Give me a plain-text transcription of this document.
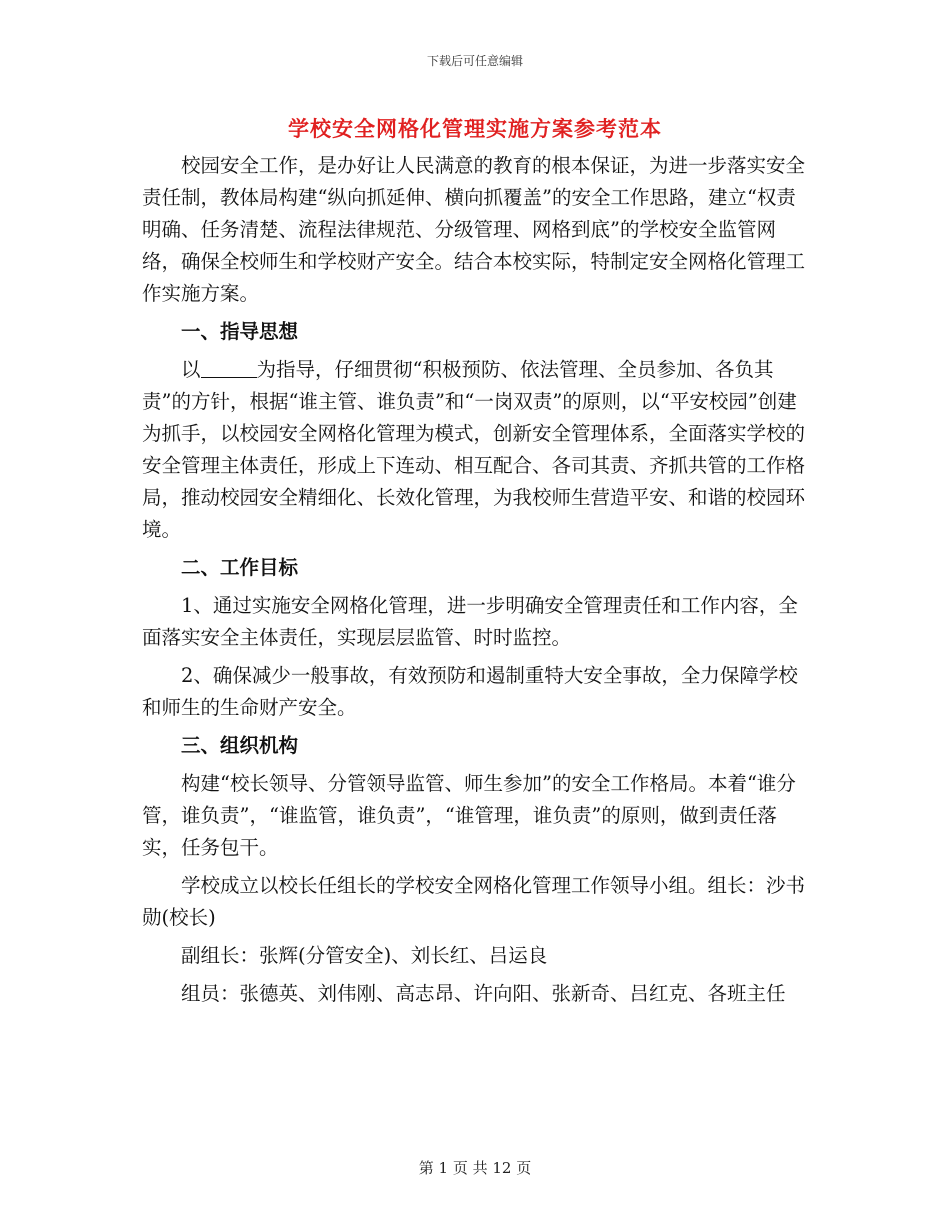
下载后可任意编辑
学校安全网格化管理实施方案参考范本

校园安全工作，是办好让人民满意的教育的根本保证，为进一步落实安全责任制，教体局构建“纵向抓延伸、横向抓覆盖”的安全工作思路，建立“权责明确、任务清楚、流程法律规范、分级管理、网格到底”的学校安全监管网络，确保全校师生和学校财产安全。结合本校实际，特制定安全网格化管理工作实施方案。

一、指导思想

以	为指导，仔细贯彻“积极预防、依法管理、全员参加、各负其责”的方针，根据“谁主管、谁负责”和“一岗双责”的原则，以“平安校园”创建为抓手，以校园安全网格化管理为模式，创新安全管理体系，全面落实学校的安全管理主体责任，形成上下连动、相互配合、各司其责、齐抓共管的工作格局，推动校园安全精细化、长效化管理，为我校师生营造平安、和谐的校园环境。

二、工作目标

1、通过实施安全网格化管理，进一步明确安全管理责任和工作内容，全面落实安全主体责任，实现层层监管、时时监控。

2、确保减少一般事故，有效预防和遏制重特大安全事故，全力保障学校和师生的生命财产安全。

三、组织机构

构建“校长领导、分管领导监管、师生参加”的安全工作格局。本着“谁分管，谁负责”，“谁监管，谁负责”，“谁管理，谁负责”的原则，做到责任落实，任务包干。

学校成立以校长任组长的学校安全网格化管理工作领导小组。组长：沙书勋(校长)

副组长：张辉(分管安全)、刘长红、吕运良

组员：张德英、刘伟刚、高志昂、许向阳、张新奇、吕红克、各班主任

第 1 页 共 12 页
